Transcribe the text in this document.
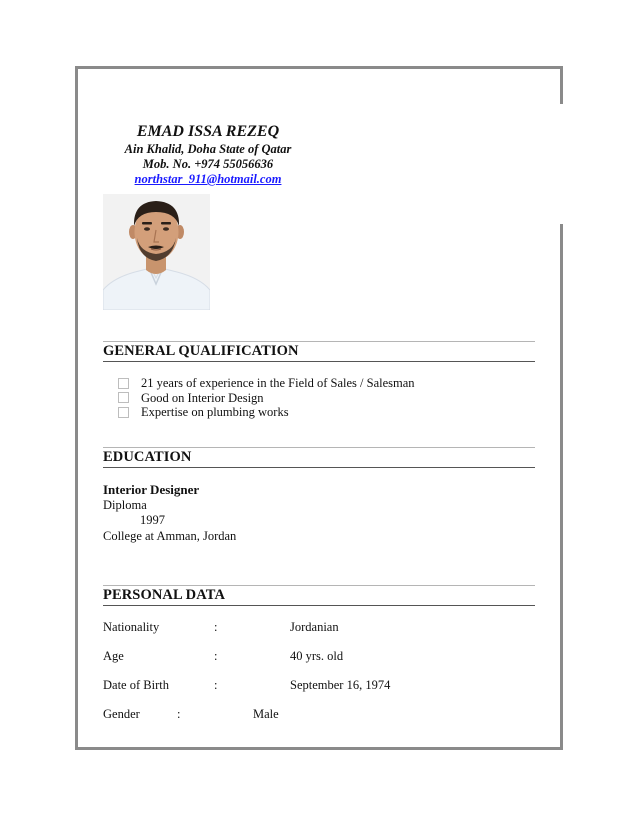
EMAD ISSA REZEQ
Ain Khalid, Doha State of Qatar
Mob. No. +974 55056636
northstar_911@hotmail.com
GENERAL QUALIFICATION
21 years of experience in the Field of Sales / Salesman
Good on Interior Design
Expertise on plumbing works
EDUCATION
Interior Designer
Diploma
1997
College at Amman, Jordan
PERSONAL DATA
Nationality	:	Jordanian
Age	:	40 yrs. old
Date of Birth	:	September 16, 1974
Gender	:	Male
